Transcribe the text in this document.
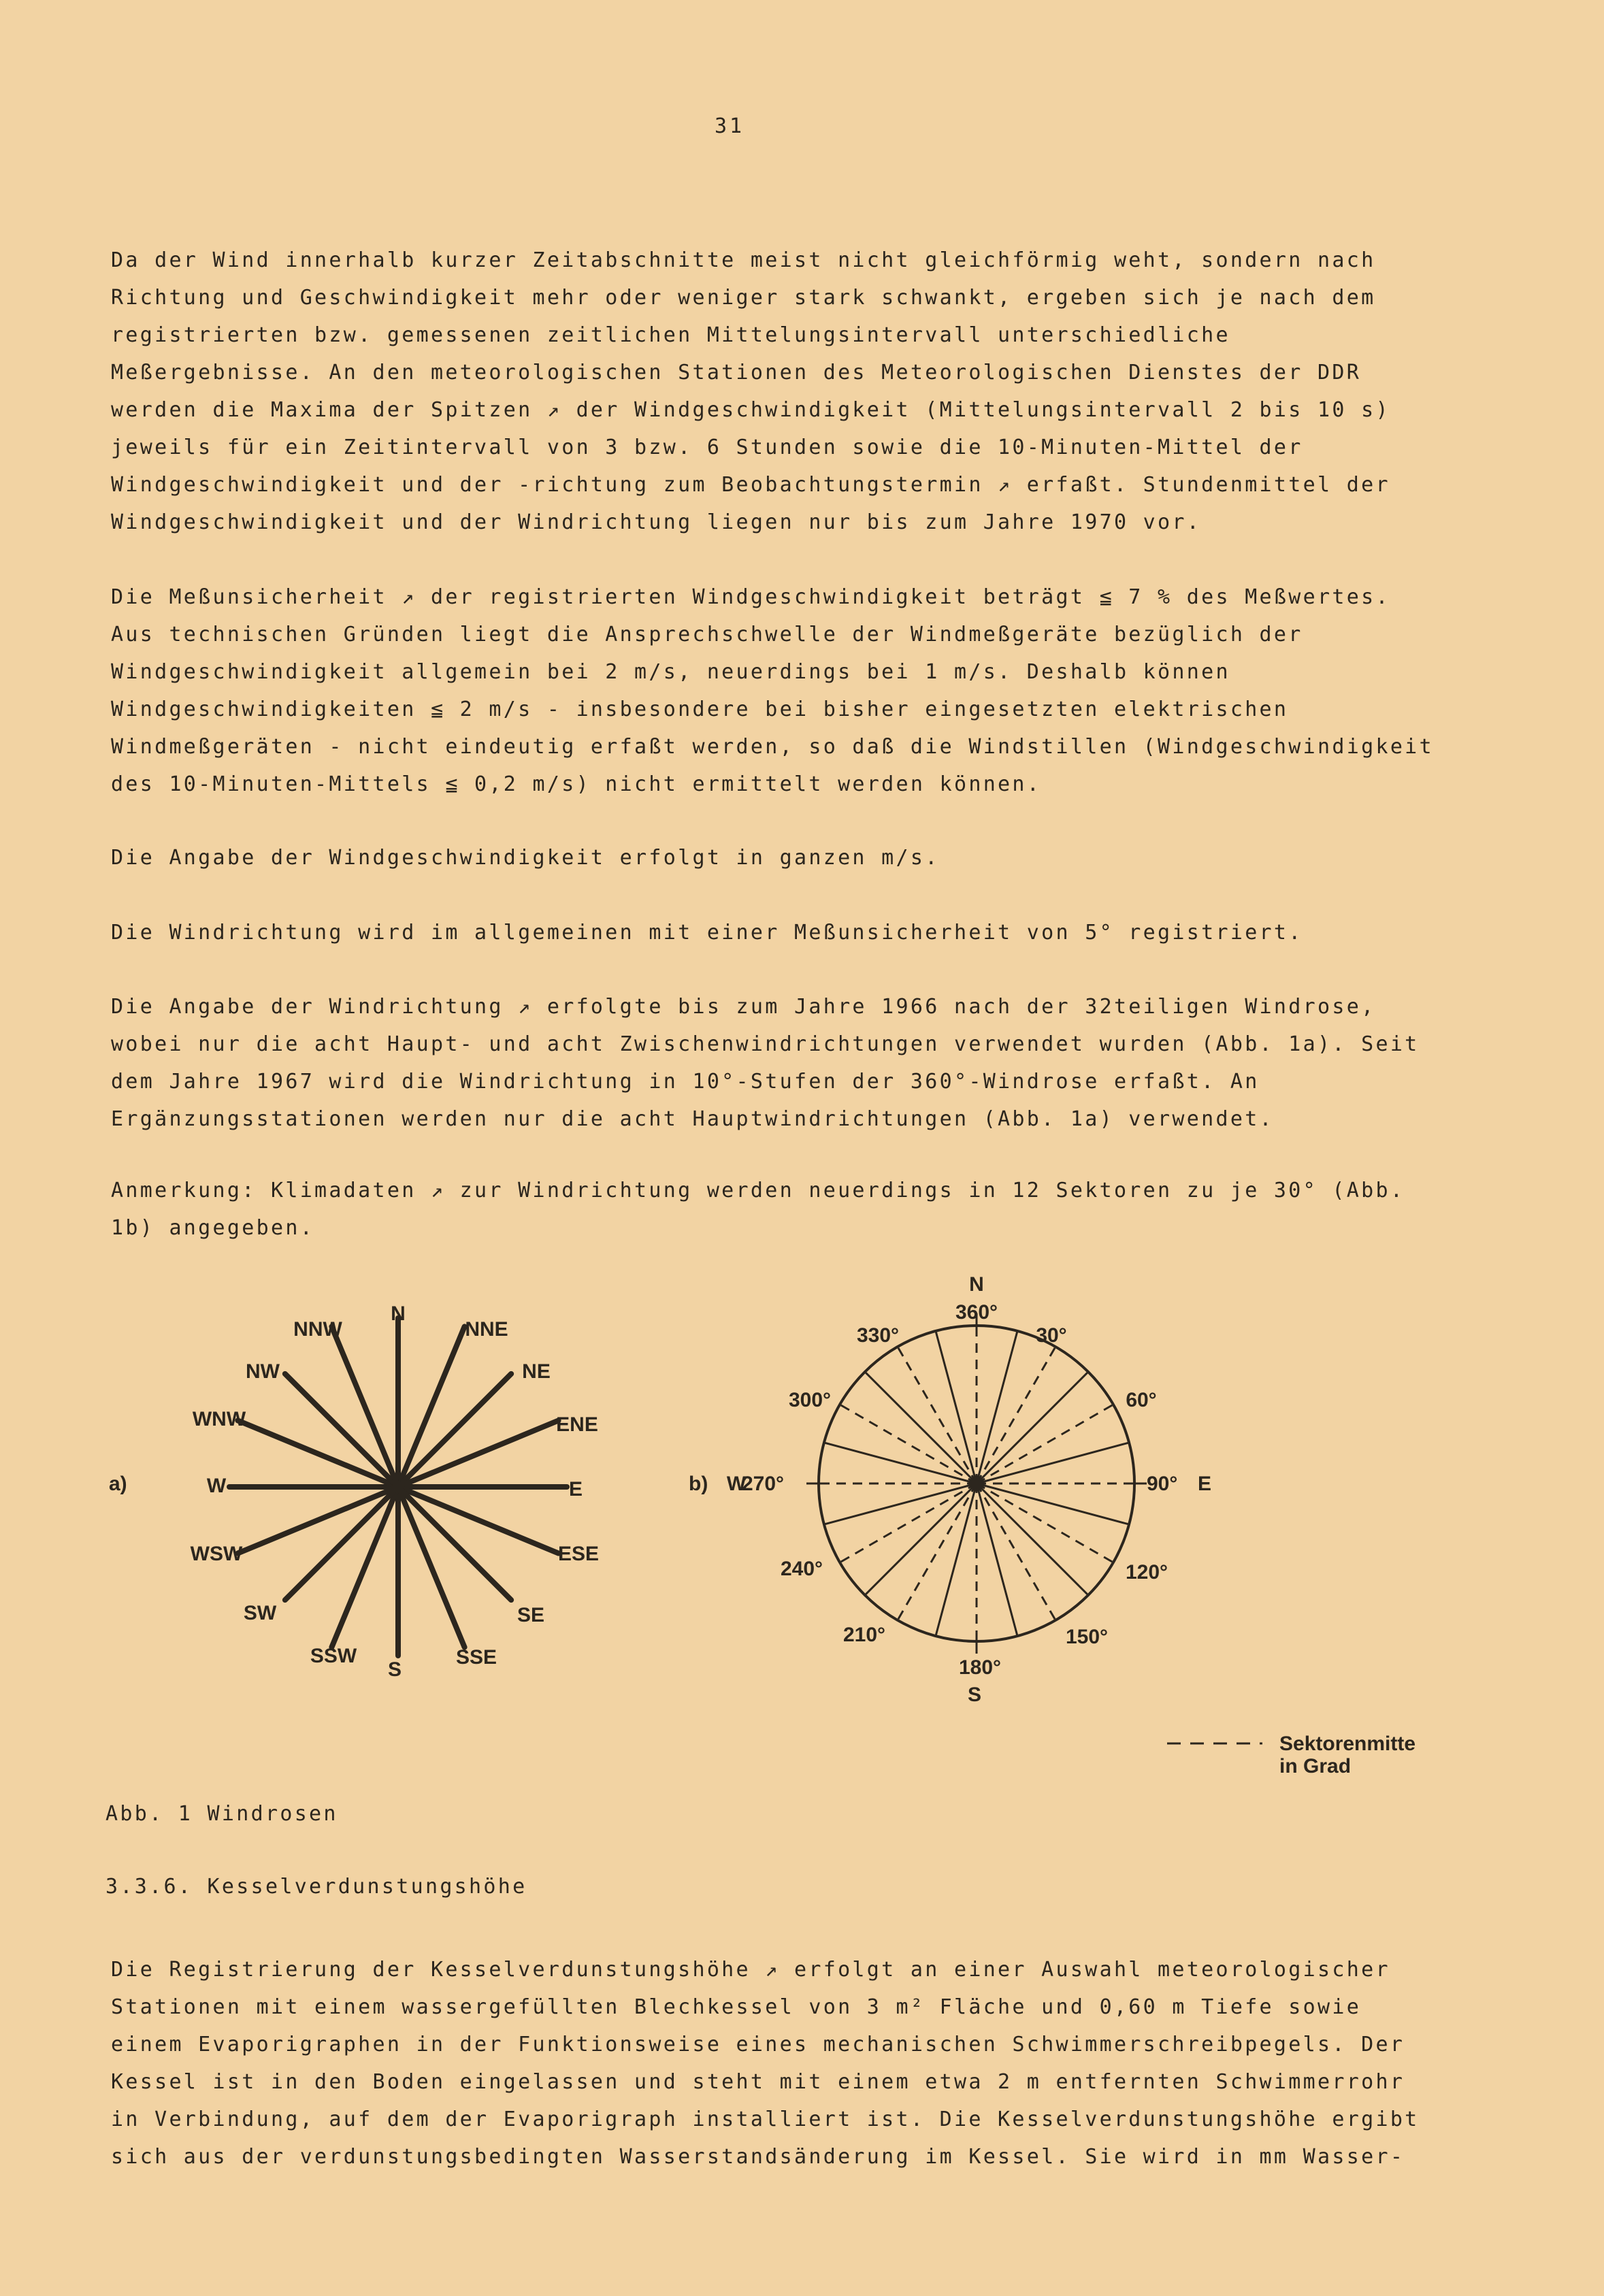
31

Da der Wind innerhalb kurzer Zeitabschnitte meist nicht gleichförmig weht, sondern nach Richtung und Geschwindigkeit mehr oder weniger stark schwankt, ergeben sich je nach dem registrierten bzw. gemessenen zeitlichen Mittelungsintervall unterschiedliche Meßergebnisse. An den meteorologischen Stationen des Meteorologischen Dienstes der DDR werden die Maxima der Spitzen ↗ der Windgeschwindigkeit (Mittelungsintervall 2 bis 10 s) jeweils für ein Zeitintervall von 3 bzw. 6 Stunden sowie die 10-Minuten-Mittel der Windgeschwindigkeit und der -richtung zum Beobachtungstermin ↗ erfaßt. Stundenmittel der Windgeschwindigkeit und der Windrichtung liegen nur bis zum Jahre 1970 vor.

Die Meßunsicherheit ↗ der registrierten Windgeschwindigkeit beträgt ≦ 7 % des Meßwertes. Aus technischen Gründen liegt die Ansprechschwelle der Windmeßgeräte bezüglich der Windgeschwindigkeit allgemein bei 2 m/s, neuerdings bei 1 m/s. Deshalb können Windgeschwindigkeiten ≦ 2 m/s - insbesondere bei bisher eingesetzten elektrischen Windmeßgeräten - nicht eindeutig erfaßt werden, so daß die Windstillen (Windgeschwindigkeit des 10-Minuten-Mittels ≦ 0,2 m/s) nicht ermittelt werden können.

Die Angabe der Windgeschwindigkeit erfolgt in ganzen m/s.

Die Windrichtung wird im allgemeinen mit einer Meßunsicherheit von 5° registriert.

Die Angabe der Windrichtung ↗ erfolgte bis zum Jahre 1966 nach der 32teiligen Windrose, wobei nur die acht Haupt- und acht Zwischenwindrichtungen verwendet wurden (Abb. 1a). Seit dem Jahre 1967 wird die Windrichtung in 10°-Stufen der 360°-Windrose erfaßt. An Ergänzungsstationen werden nur die acht Hauptwindrichtungen (Abb. 1a) verwendet.

Anmerkung: Klimadaten ↗ zur Windrichtung werden neuerdings in 12 Sektoren zu je 30° (Abb. 1b) angegeben.

a)
N
NNE
NE
ENE
E
ESE
SE
SSE
S
SSW
SW
WSW
W
WNW
NW
NNW
b)
N
360°
30°
60°
90° E
120°
150°
180°
S
210°
240°
270°
W
300°
330°
Sektorenmitte
in Grad
Abb. 1 Windrosen
3.3.6. Kesselverdunstungshöhe

Die Registrierung der Kesselverdunstungshöhe ↗ erfolgt an einer Auswahl meteorologischer Stationen mit einem wassergefüllten Blechkessel von 3 m² Fläche und 0,60 m Tiefe sowie einem Evaporigraphen in der Funktionsweise eines mechanischen Schwimmerschreibpegels. Der Kessel ist in den Boden eingelassen und steht mit einem etwa 2 m entfernten Schwimmerrohr in Verbindung, auf dem der Evaporigraph installiert ist. Die Kesselverdunstungshöhe ergibt sich aus der verdunstungsbedingten Wasserstandsänderung im Kessel. Sie wird in mm Wasser-
